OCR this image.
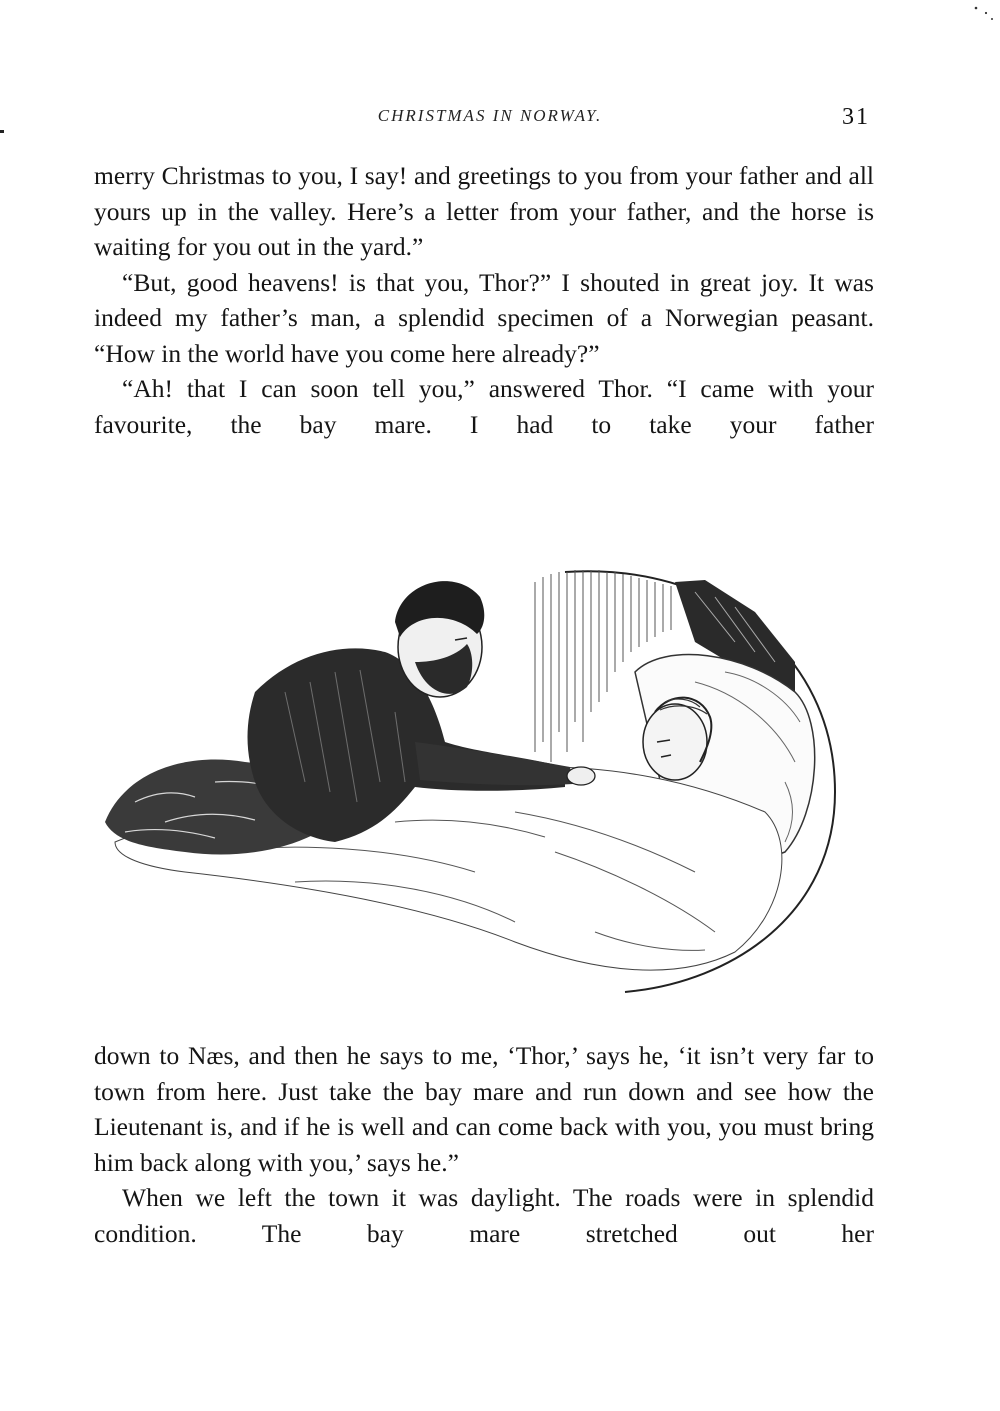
CHRISTMAS IN NORWAY.	31

merry Christmas to you, I say! and greetings to you from your father and all yours up in the valley. Here’s a letter from your father, and the horse is waiting for you out in the yard.”

“But, good heavens! is that you, Thor?” I shouted in great joy. It was indeed my father’s man, a splendid specimen of a Norwegian peasant. “How in the world have you come here already?”

“Ah! that I can soon tell you,” answered Thor. “I came with your favourite, the bay mare. I had to take your father

down to Næs, and then he says to me, ‘Thor,’ says he, ‘it isn’t very far to town from here. Just take the bay mare and run down and see how the Lieutenant is, and if he is well and can come back with you, you must bring him back along with you,’ says he.”

When we left the town it was daylight. The roads were in splendid condition. The bay mare stretched out her
